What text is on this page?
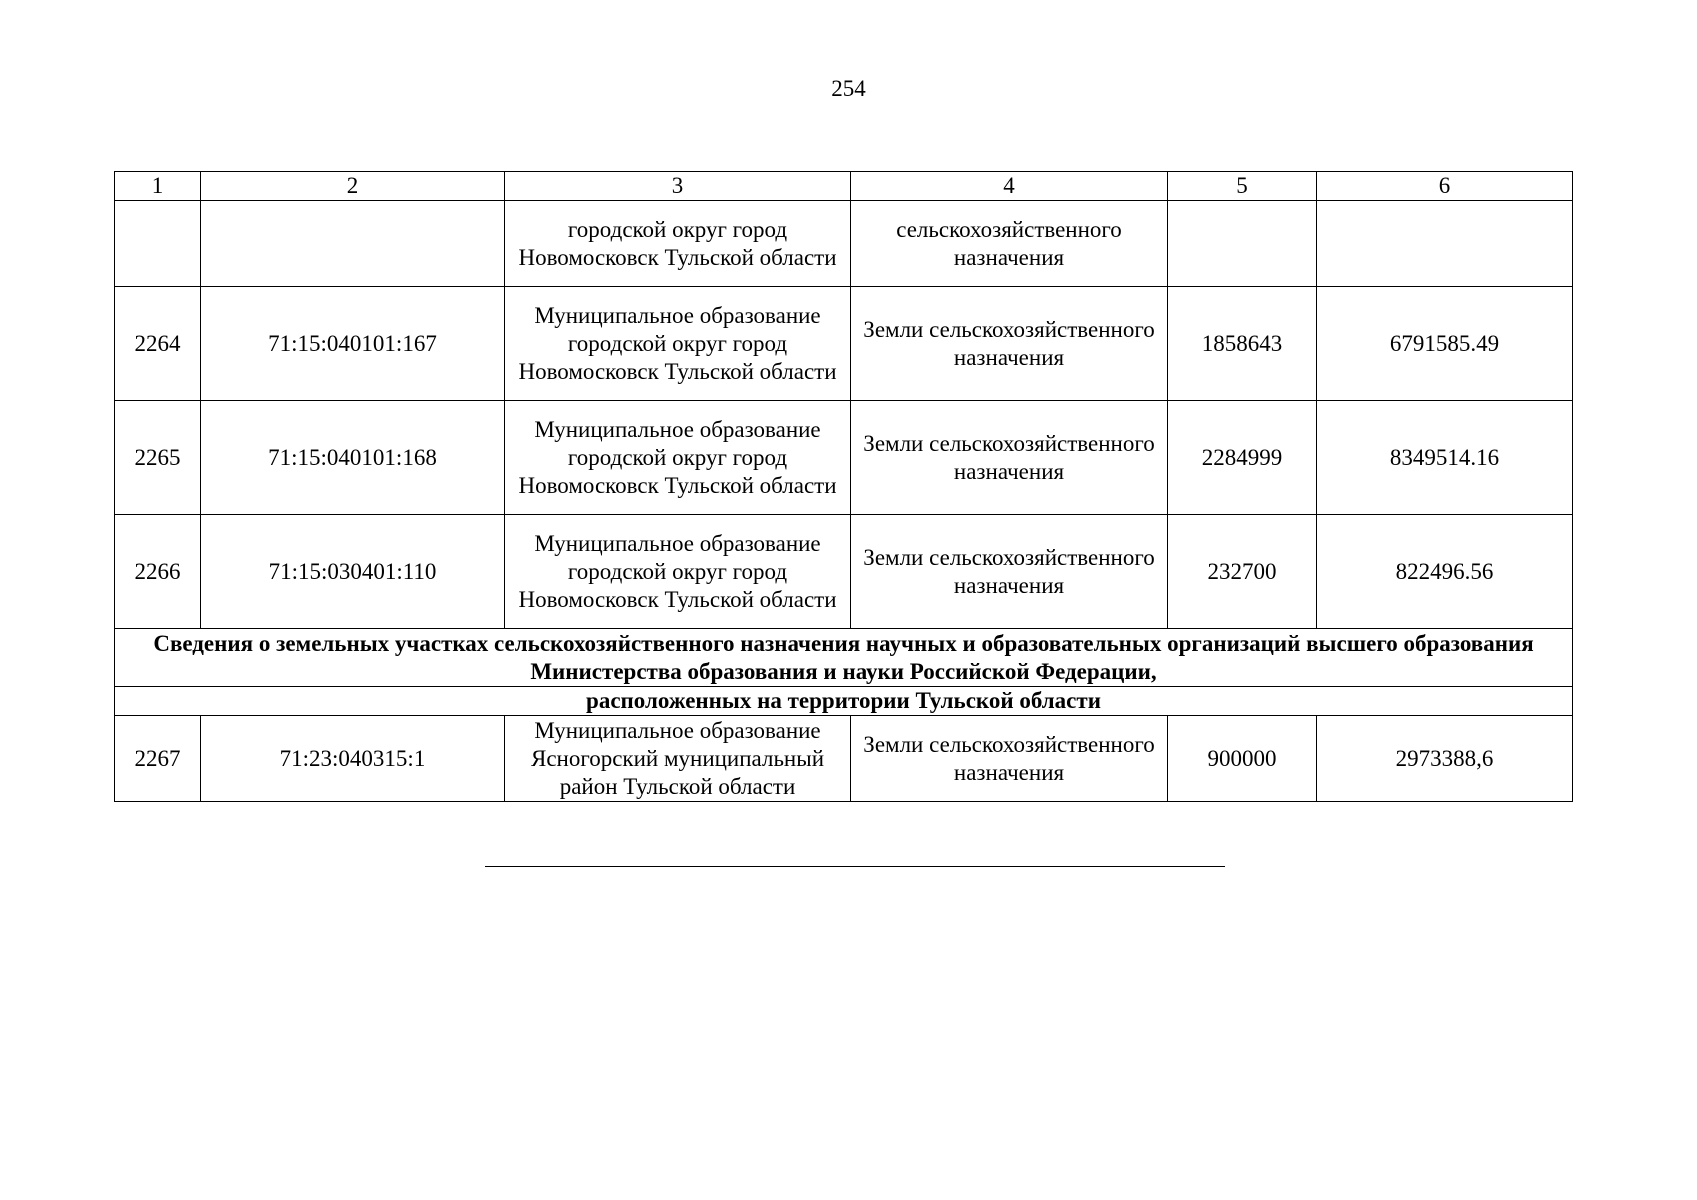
254
1	2	3	4	5	6
		городской округ город Новомосковск Тульской области	сельскохозяйственного назначения		
2264	71:15:040101:167	Муниципальное образование городской округ город Новомосковск Тульской области	Земли сельскохозяйственного назначения	1858643	6791585.49
2265	71:15:040101:168	Муниципальное образование городской округ город Новомосковск Тульской области	Земли сельскохозяйственного назначения	2284999	8349514.16
2266	71:15:030401:110	Муниципальное образование городской округ город Новомосковск Тульской области	Земли сельскохозяйственного назначения	232700	822496.56
Сведения о земельных участках сельскохозяйственного назначения научных и образовательных организаций высшего образования Министерства образования и науки Российской Федерации,					
расположенных на территории Тульской области					
2267	71:23:040315:1	Муниципальное образование Ясногорский муниципальный район Тульской области	Земли сельскохозяйственного назначения	900000	2973388,6
